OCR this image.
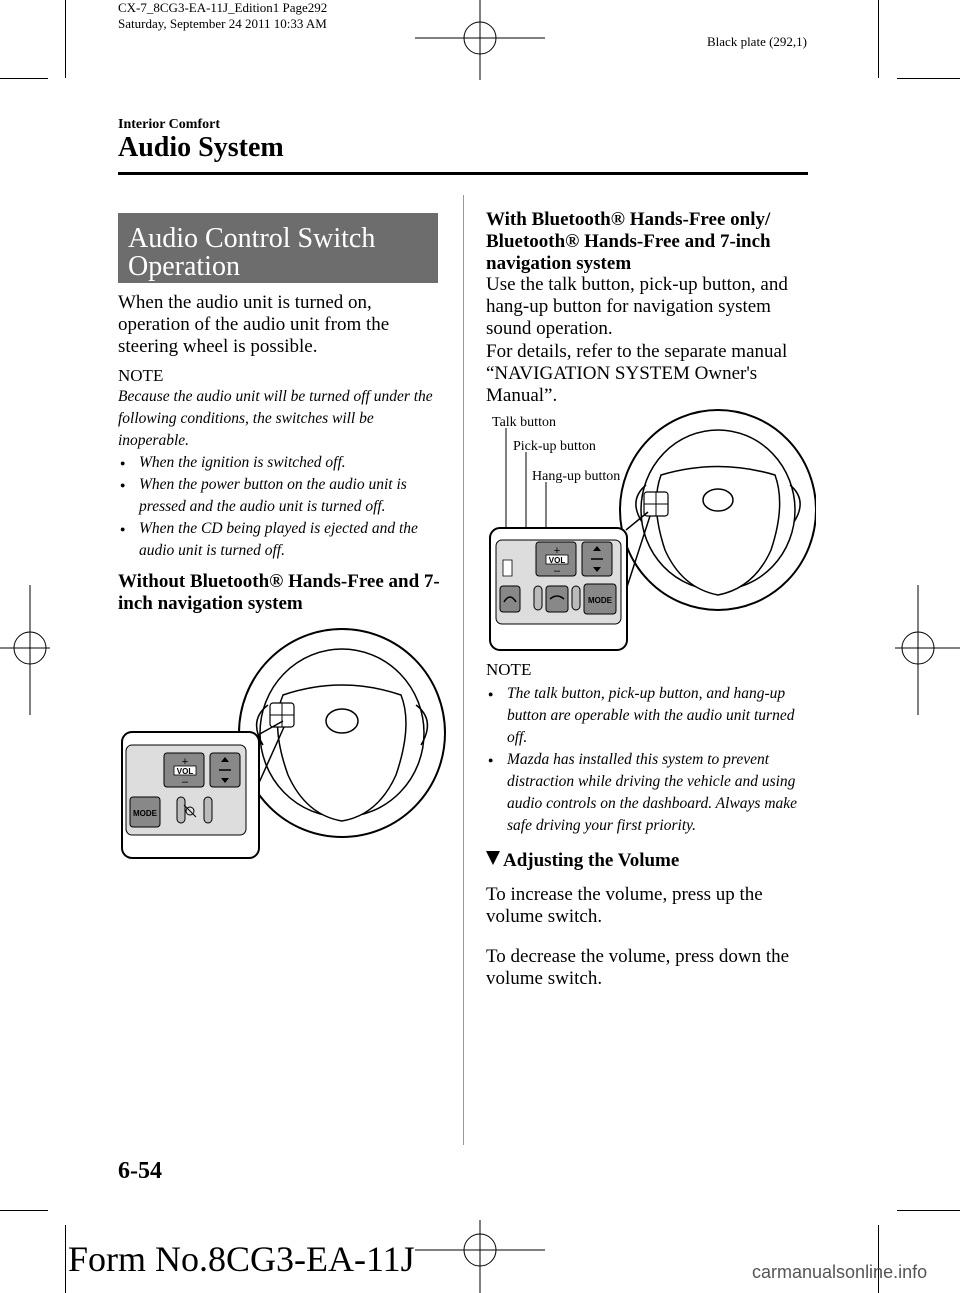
CX-7_8CG3-EA-11J_Edition1 Page292
Saturday, September 24 2011 10:33 AM
Black plate (292,1)
Interior Comfort
Audio System
Audio Control Switch
Operation
When the audio unit is turned on, operation of the audio unit from the steering wheel is possible.
NOTE
Because the audio unit will be turned off under the following conditions, the switches will be inoperable.
● When the ignition is switched off.
● When the power button on the audio unit is pressed and the audio unit is turned off.
● When the CD being played is ejected and the audio unit is turned off.
Without Bluetooth® Hands-Free and 7-inch navigation system
VOL
+
–
MODE
With Bluetooth® Hands-Free only/ Bluetooth® Hands-Free and 7-inch navigation system
Use the talk button, pick-up button, and hang-up button for navigation system sound operation.
For details, refer to the separate manual “NAVIGATION SYSTEM Owner's Manual”.
Talk button
Pick-up button
Hang-up button
VOL
+
–
MODE
NOTE
● The talk button, pick-up button, and hang-up button are operable with the audio unit turned off.
● Mazda has installed this system to prevent distraction while driving the vehicle and using audio controls on the dashboard. Always make safe driving your first priority.
Adjusting the Volume
To increase the volume, press up the volume switch.
To decrease the volume, press down the volume switch.
6-54
Form No.8CG3-EA-11J	carmanualsonline.info
